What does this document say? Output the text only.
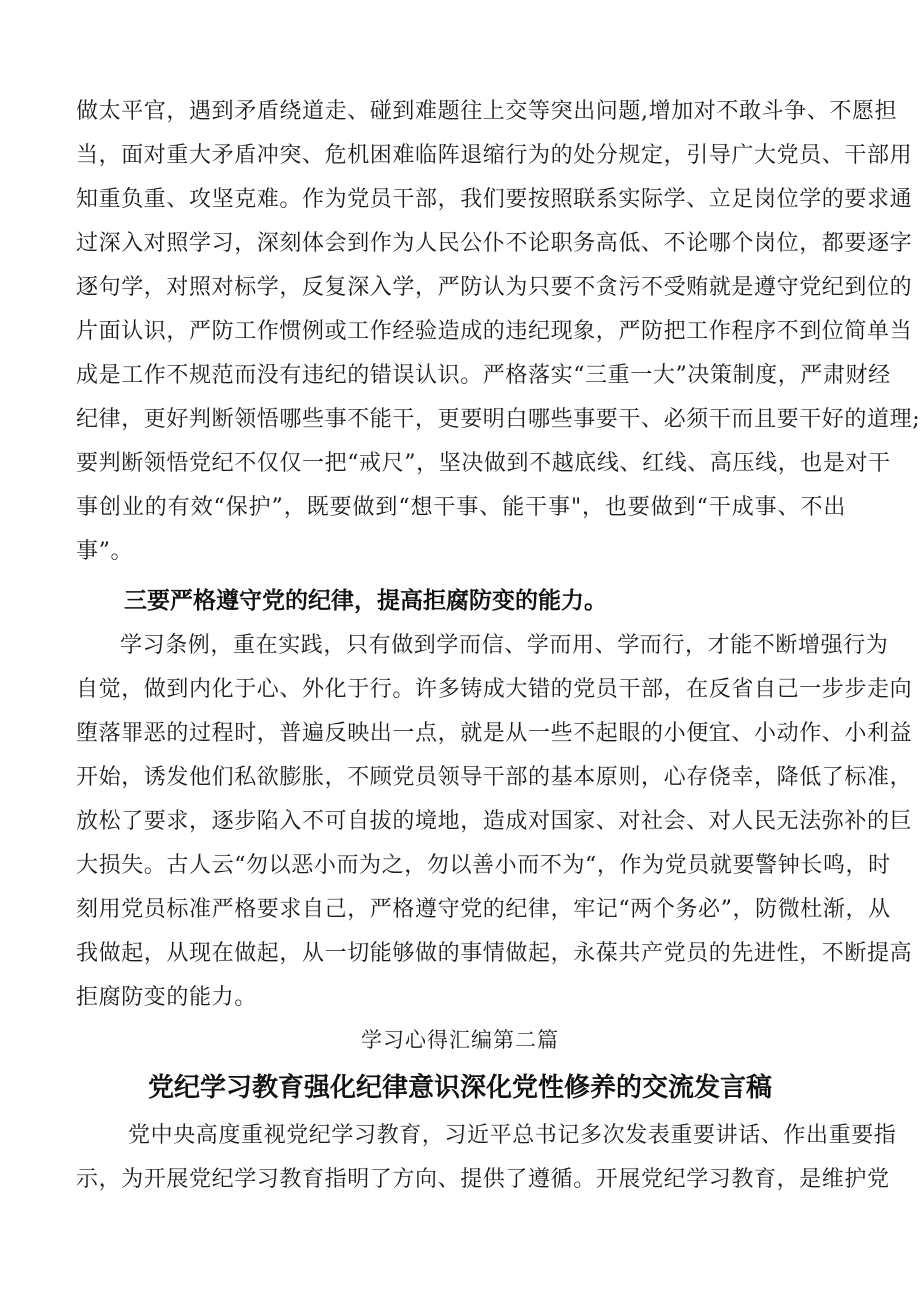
做太平官，遇到矛盾绕道走、碰到难题往上交等突出问题,增加对不敢斗争、不愿担
当，面对重大矛盾冲突、危机困难临阵退缩行为的处分规定，引导广大党员、干部用
知重负重、攻坚克难。作为党员干部，我们要按照联系实际学、立足岗位学的要求通
过深入对照学习，深刻体会到作为人民公仆不论职务高低、不论哪个岗位，都要逐字
逐句学，对照对标学，反复深入学，严防认为只要不贪污不受贿就是遵守党纪到位的
片面认识，严防工作惯例或工作经验造成的违纪现象，严防把工作程序不到位简单当
成是工作不规范而没有违纪的错误认识。严格落实“三重一大”决策制度，严肃财经
纪律，更好判断领悟哪些事不能干，更要明白哪些事要干、必须干而且要干好的道理;
要判断领悟党纪不仅仅一把“戒尺”，坚决做到不越底线、红线、高压线，也是对干
事创业的有效“保护”，既要做到“想干事、能干事"，也要做到“干成事、不出
事”。
三要严格遵守党的纪律，提高拒腐防变的能力。
学习条例，重在实践，只有做到学而信、学而用、学而行，才能不断增强行为
自觉，做到内化于心、外化于行。许多铸成大错的党员干部，在反省自己一步步走向
堕落罪恶的过程时，普遍反映出一点，就是从一些不起眼的小便宜、小动作、小利益
开始，诱发他们私欲膨胀，不顾党员领导干部的基本原则，心存侥幸，降低了标准，
放松了要求，逐步陷入不可自拔的境地，造成对国家、对社会、对人民无法弥补的巨
大损失。古人云“勿以恶小而为之，勿以善小而不为“，作为党员就要警钟长鸣，时
刻用党员标准严格要求自己，严格遵守党的纪律，牢记“两个务必”，防微杜渐，从
我做起，从现在做起，从一切能够做的事情做起，永葆共产党员的先进性，不断提高
拒腐防变的能力。
学习心得汇编第二篇
党纪学习教育强化纪律意识深化党性修养的交流发言稿
党中央高度重视党纪学习教育，习近平总书记多次发表重要讲话、作出重要指
示，为开展党纪学习教育指明了方向、提供了遵循。开展党纪学习教育，是维护党
